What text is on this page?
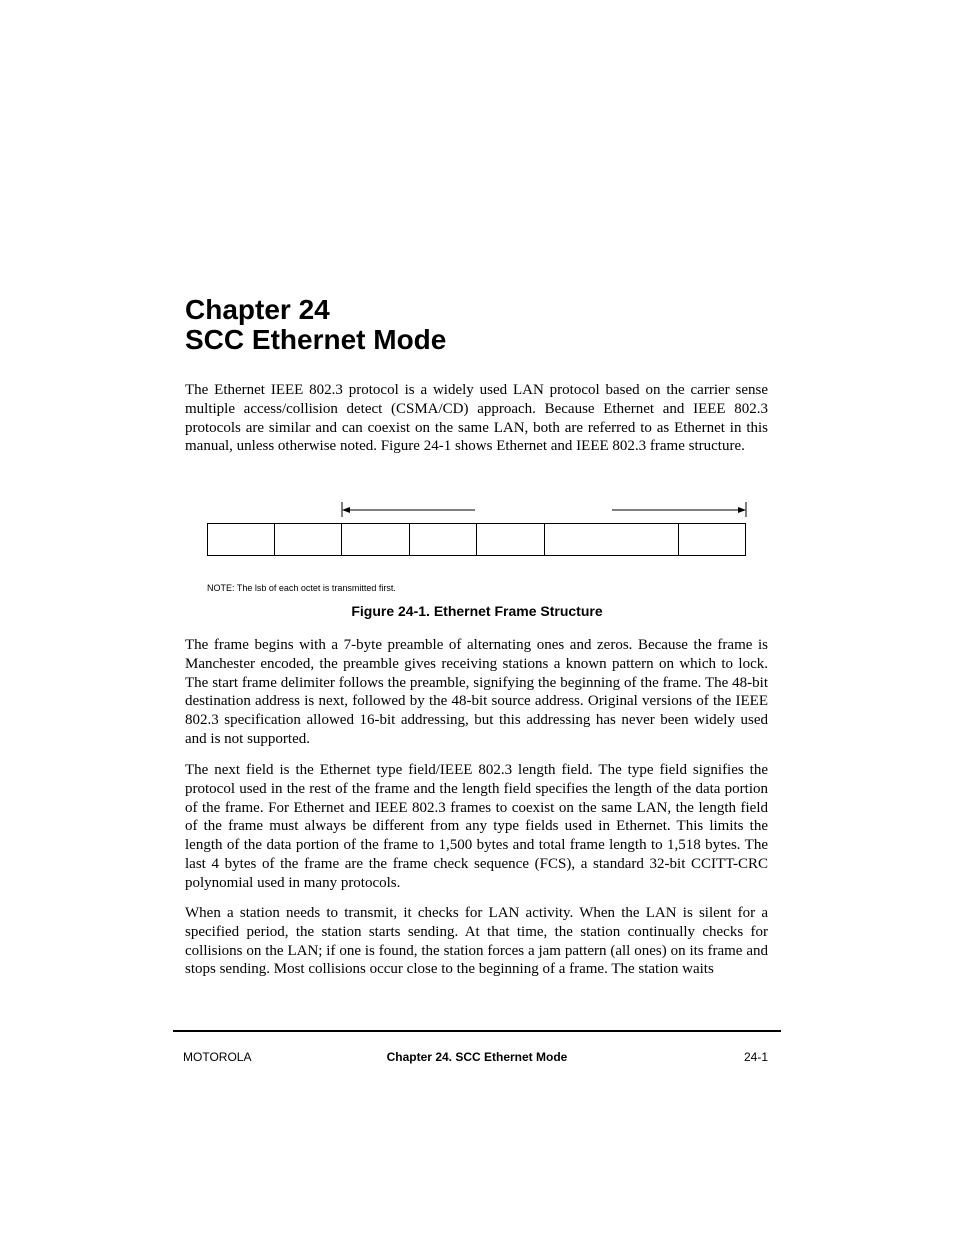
Chapter 24
SCC Ethernet Mode

The Ethernet IEEE 802.3 protocol is a widely used LAN protocol based on the carrier sense multiple access/collision detect (CSMA/CD) approach. Because Ethernet and IEEE 802.3 protocols are similar and can coexist on the same LAN, both are referred to as Ethernet in this manual, unless otherwise noted. Figure 24-1 shows Ethernet and IEEE 802.3 frame structure.

NOTE: The lsb of each octet is transmitted first.

Figure 24-1. Ethernet Frame Structure

The frame begins with a 7-byte preamble of alternating ones and zeros. Because the frame is Manchester encoded, the preamble gives receiving stations a known pattern on which to lock. The start frame delimiter follows the preamble, signifying the beginning of the frame. The 48-bit destination address is next, followed by the 48-bit source address. Original versions of the IEEE 802.3 specification allowed 16-bit addressing, but this addressing has never been widely used and is not supported.

The next field is the Ethernet type field/IEEE 802.3 length field. The type field signifies the protocol used in the rest of the frame and the length field specifies the length of the data portion of the frame. For Ethernet and IEEE 802.3 frames to coexist on the same LAN, the length field of the frame must always be different from any type fields used in Ethernet. This limits the length of the data portion of the frame to 1,500 bytes and total frame length to 1,518 bytes. The last 4 bytes of the frame are the frame check sequence (FCS), a standard 32-bit CCITT-CRC polynomial used in many protocols.

When a station needs to transmit, it checks for LAN activity. When the LAN is silent for a specified period, the station starts sending. At that time, the station continually checks for collisions on the LAN; if one is found, the station forces a jam pattern (all ones) on its frame and stops sending. Most collisions occur close to the beginning of a frame. The station waits

MOTOROLA	Chapter 24. SCC Ethernet Mode	24-1
